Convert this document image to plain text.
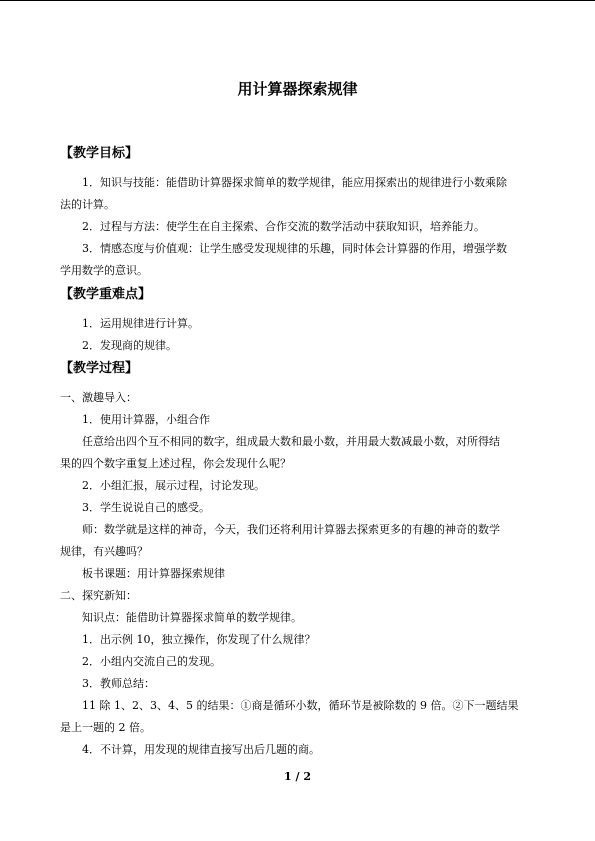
用计算器探索规律
【教学目标】

1．知识与技能：能借助计算器探求简单的数学规律，能应用探索出的规律进行小数乘除

法的计算。

2．过程与方法：使学生在自主探索、合作交流的数学活动中获取知识，培养能力。

3．情感态度与价值观：让学生感受发现规律的乐趣，同时体会计算器的作用，增强学数

学用数学的意识。

【教学重难点】

1．运用规律进行计算。

2．发现商的规律。

【教学过程】

一、激趣导入：

1．使用计算器，小组合作

任意给出四个互不相同的数字，组成最大数和最小数，并用最大数减最小数，对所得结

果的四个数字重复上述过程，你会发现什么呢？

2．小组汇报，展示过程，讨论发现。

3．学生说说自己的感受。

师：数学就是这样的神奇，今天，我们还将利用计算器去探索更多的有趣的神奇的数学

规律，有兴趣吗？

板书课题：用计算器探索规律

二、探究新知：

知识点：能借助计算器探求简单的数学规律。

1．出示例 10，独立操作，你发现了什么规律？

2．小组内交流自己的发现。

3．教师总结：

11 除 1、2、3、4、5 的结果：①商是循环小数，循环节是被除数的 9 倍。②下一题结果

是上一题的 2 倍。

4．不计算，用发现的规律直接写出后几题的商。

1 / 2
